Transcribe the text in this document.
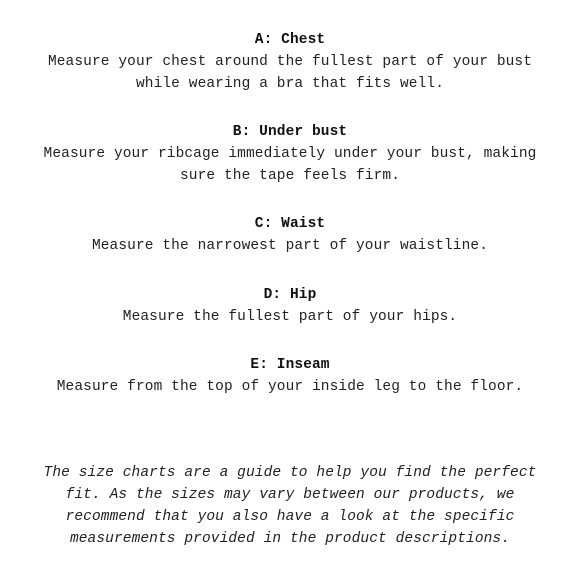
A: Chest

Measure your chest around the fullest part of your bust while wearing a bra that fits well.

B: Under bust

Measure your ribcage immediately under your bust, making sure the tape feels firm.

C: Waist

Measure the narrowest part of your waistline.

D: Hip

Measure the fullest part of your hips.

E: Inseam

Measure from the top of your inside leg to the floor.

The size charts are a guide to help you find the perfect fit. As the sizes may vary between our products, we recommend that you also have a look at the specific measurements provided in the product descriptions.
